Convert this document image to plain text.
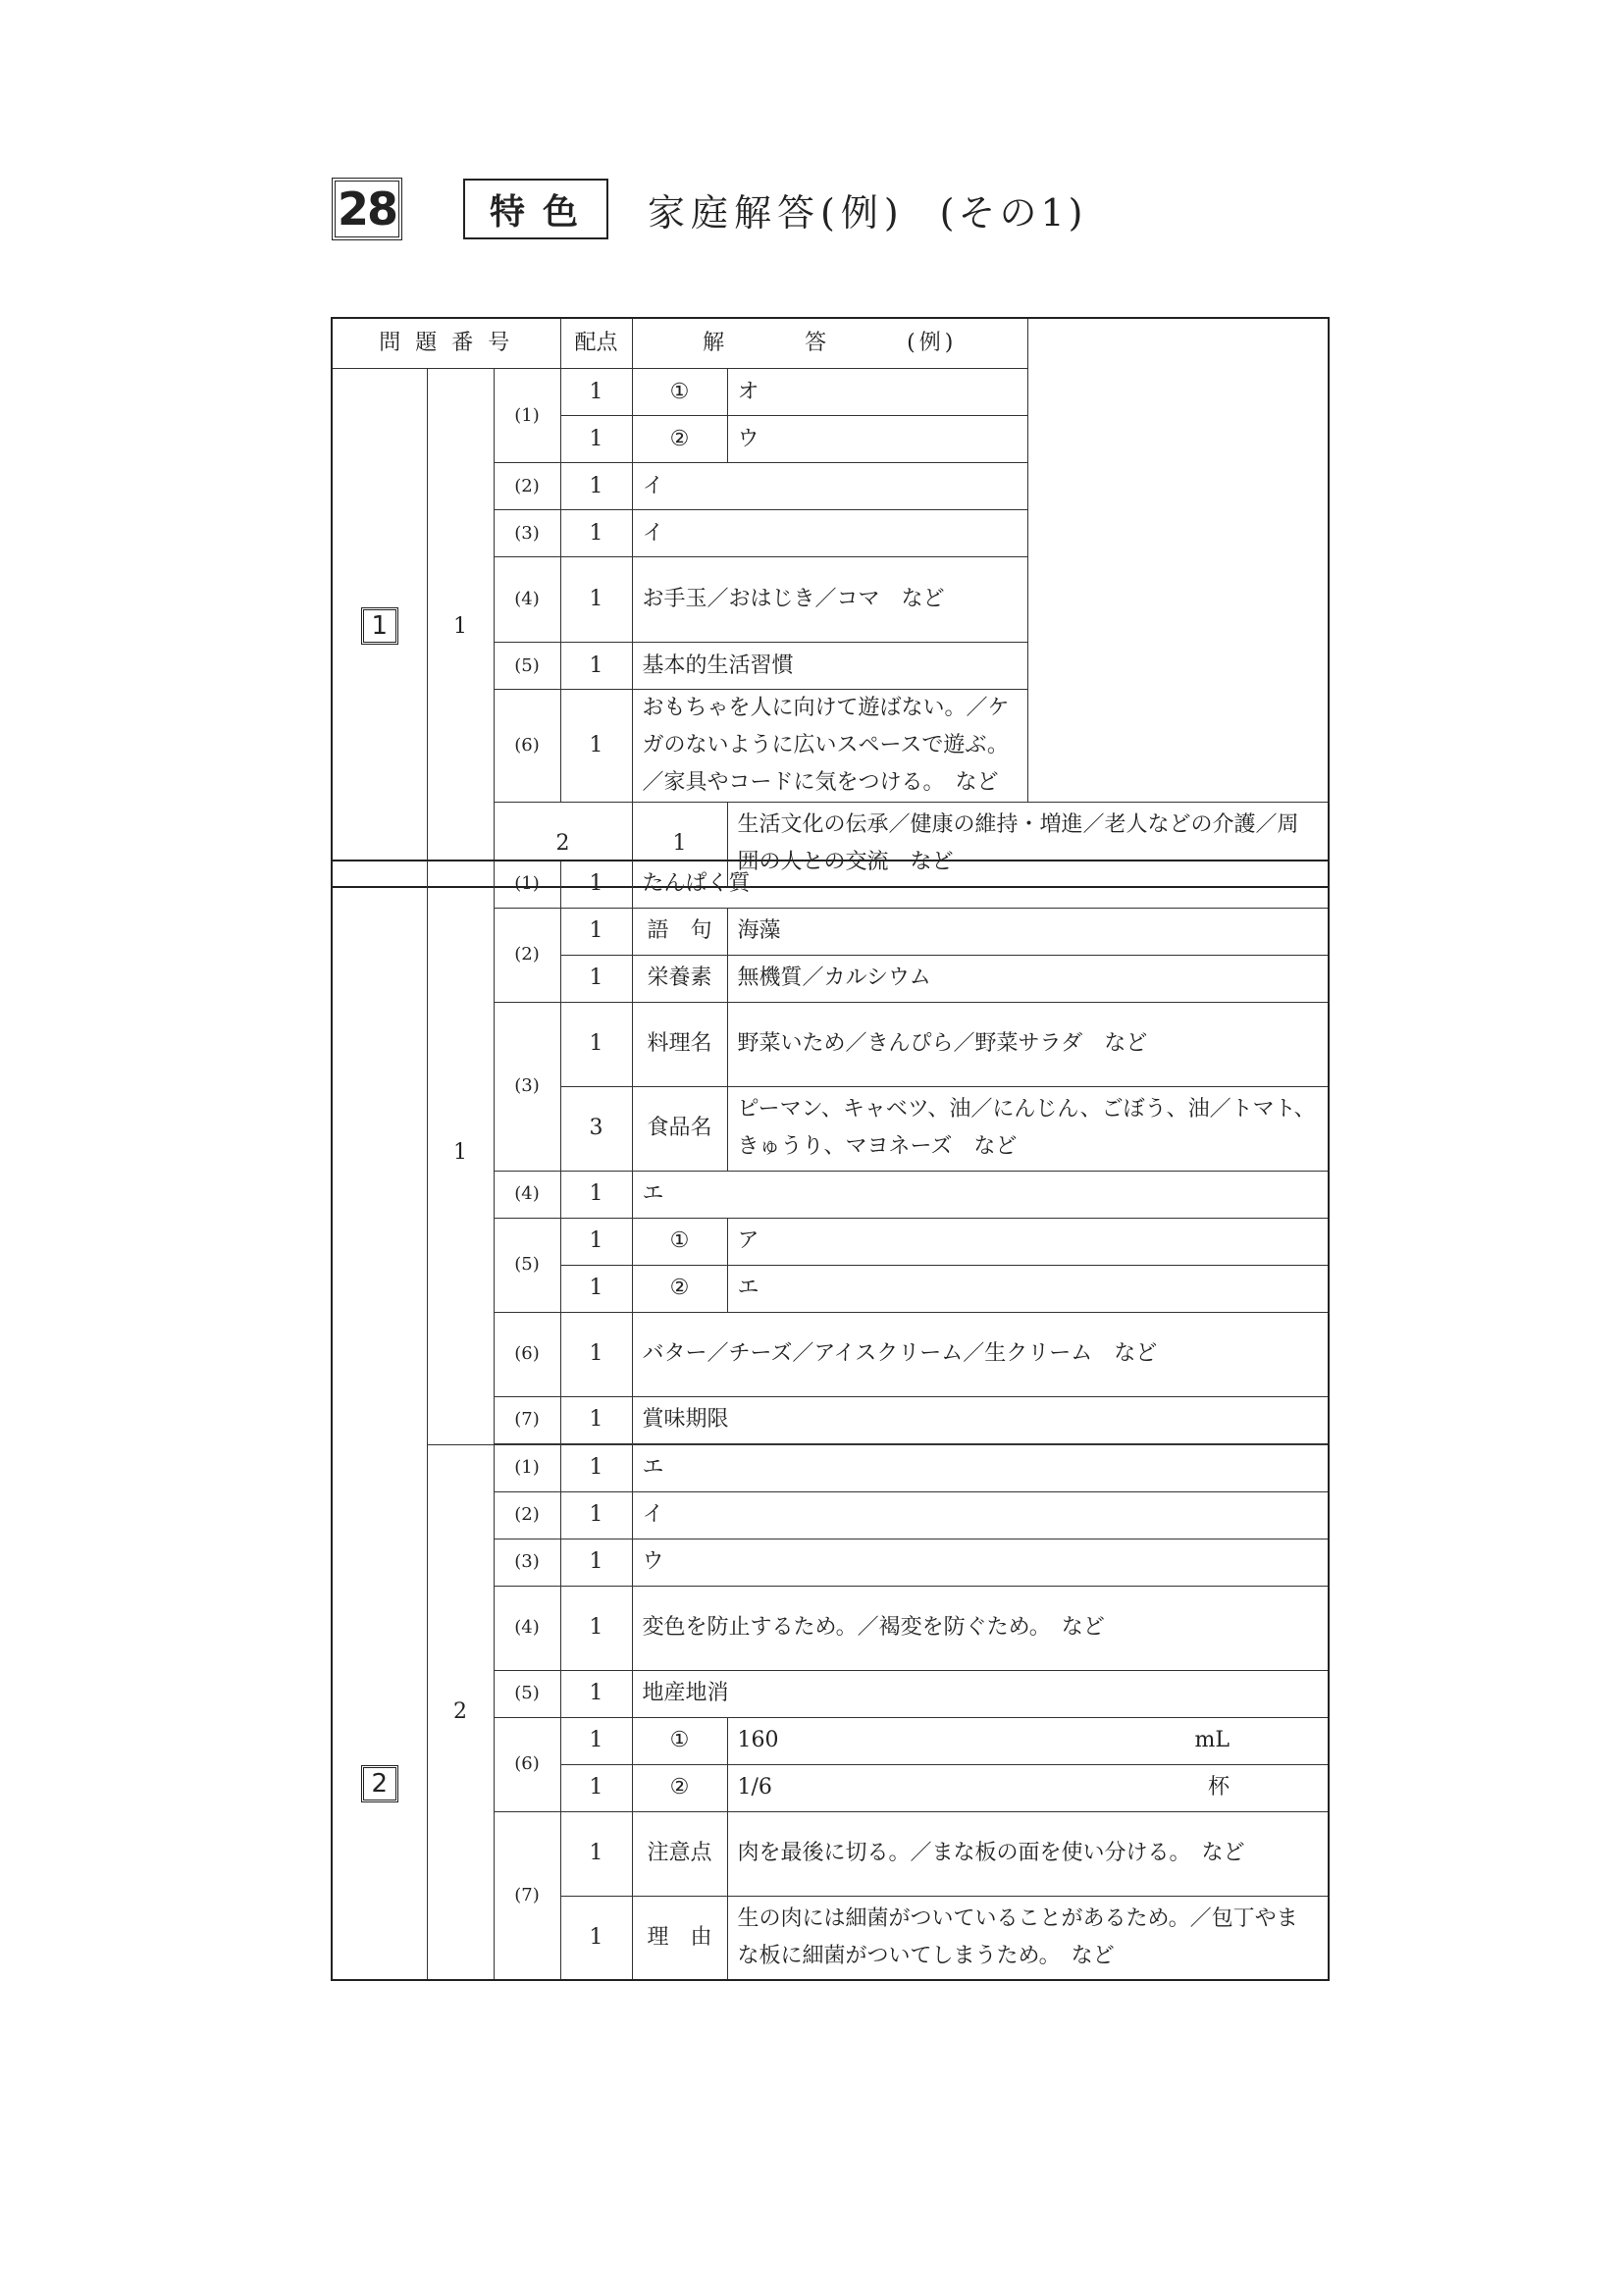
28	特色	家庭解答(例) (その1)
問 題 番 号			配点	解　　　答　　　(例)	
1	1	(1)	1	①	オ
			1	②	ウ
		(2)	1	イ	
		(3)	1	イ	
		(4)	1	お手玉／おはじき／コマ　など	
		(5)	1	基本的生活習慣	
		(6)	1	おもちゃを人に向けて遊ばない。／ケガのないように広いスペースで遊ぶ。／家具やコードに気をつける。　など	
		2		1	生活文化の伝承／健康の維持・増進／老人などの介護／周囲の人との交流　など
2	1	(1)	1	たんぱく質	
		(2)	1	語　句	海藻
			1	栄養素	無機質／カルシウム
		(3)	1	料理名	野菜いため／きんぴら／野菜サラダ　など
			3	食品名	ピーマン、キャベツ、油／にんじん、ごぼう、油／トマト、きゅうり、マヨネーズ　など
		(4)	1	エ	
		(5)	1	①	ア
			1	②	エ
		(6)	1	バター／チーズ／アイスクリーム／生クリーム　など	
		(7)	1	賞味期限	

	2	(1)	1	エ	
		(2)	1	イ	
		(3)	1	ウ	
		(4)	1	変色を防止するため。／褐変を防ぐため。　など	
		(5)	1	地産地消	
		(6)	1	①	160 mL

			1	②	1/6 杯

		(7)	1	注意点	肉を最後に切る。／まな板の面を使い分ける。　など
			1	理　由	生の肉には細菌がついていることがあるため。／包丁やまな板に細菌がついてしまうため。　など
